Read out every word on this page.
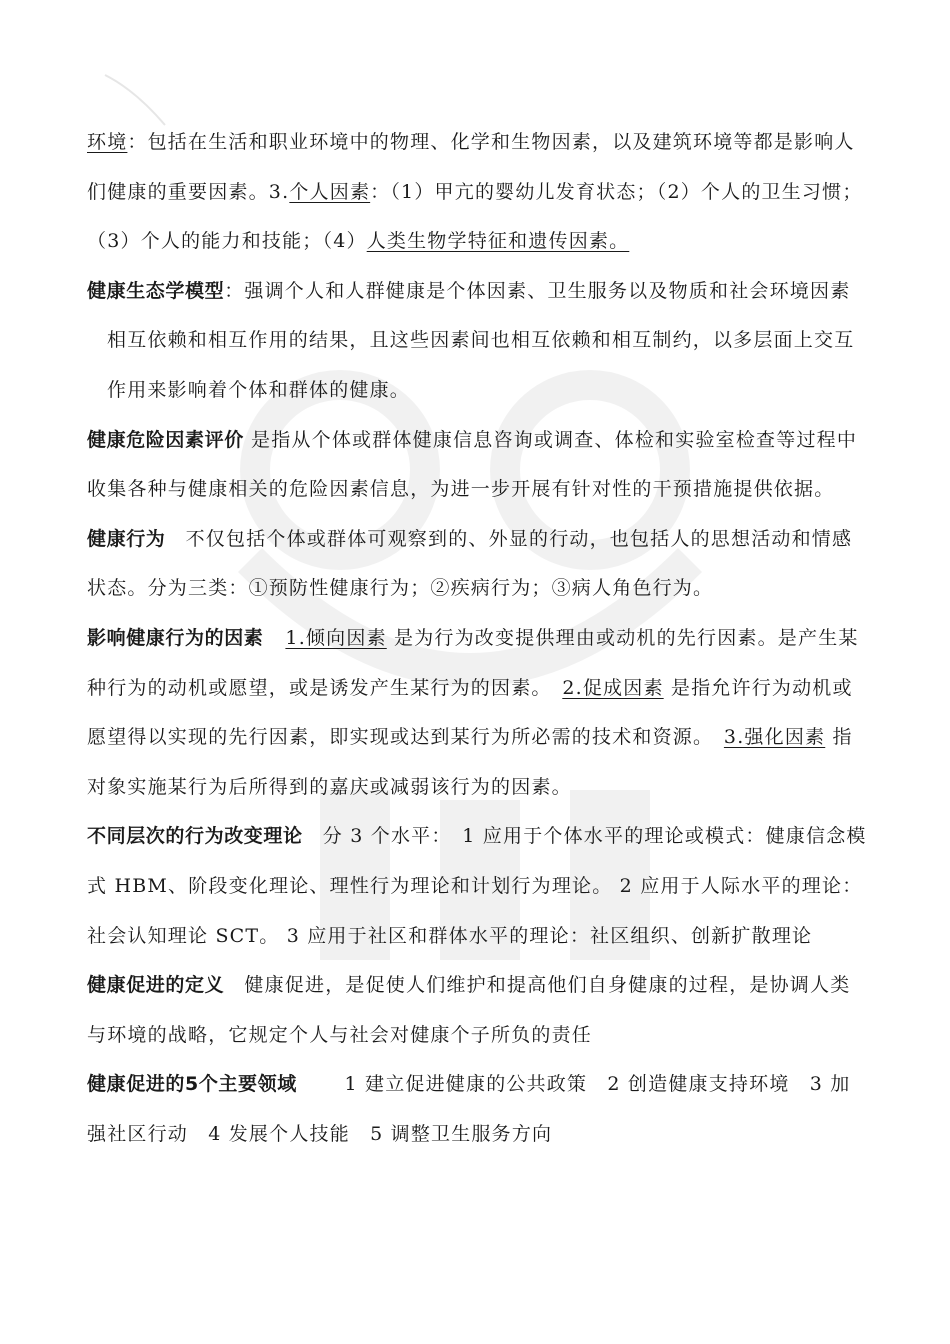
环境：包括在生活和职业环境中的物理、化学和生物因素，以及建筑环境等都是影响人们健康的重要因素。3.个人因素：（1）甲亢的婴幼儿发育状态；（2）个人的卫生习惯；（3）个人的能力和技能；（4）人类生物学特征和遗传因素。

健康生态学模型：强调个人和人群健康是个体因素、卫生服务以及物质和社会环境因素相互依赖和相互作用的结果，且这些因素间也相互依赖和相互制约，以多层面上交互作用来影响着个体和群体的健康。

健康危险因素评价 是指从个体或群体健康信息咨询或调查、体检和实验室检查等过程中收集各种与健康相关的危险因素信息，为进一步开展有针对性的干预措施提供依据。

健康行为　不仅包括个体或群体可观察到的、外显的行动，也包括人的思想活动和情感状态。分为三类：①预防性健康行为；②疾病行为；③病人角色行为。

影响健康行为的因素 1.倾向因素 是为行为改变提供理由或动机的先行因素。是产生某种行为的动机或愿望，或是诱发产生某行为的因素。　2.促成因素 是指允许行为动机或愿望得以实现的先行因素，即实现或达到某行为所必需的技术和资源。　3.强化因素 指对象实施某行为后所得到的嘉庆或减弱该行为的因素。

不同层次的行为改变理论　分 3 个水平：　1 应用于个体水平的理论或模式：健康信念模式 HBM、阶段变化理论、理性行为理论和计划行为理论。 2 应用于人际水平的理论：社会认知理论 SCT。 3 应用于社区和群体水平的理论：社区组织、创新扩散理论

健康促进的定义　健康促进，是促使人们维护和提高他们自身健康的过程，是协调人类与环境的战略，它规定个人与社会对健康个子所负的责任

健康促进的5个主要领域　　 1 建立促进健康的公共政策　2 创造健康支持环境　3 加强社区行动　4 发展个人技能　5 调整卫生服务方向
